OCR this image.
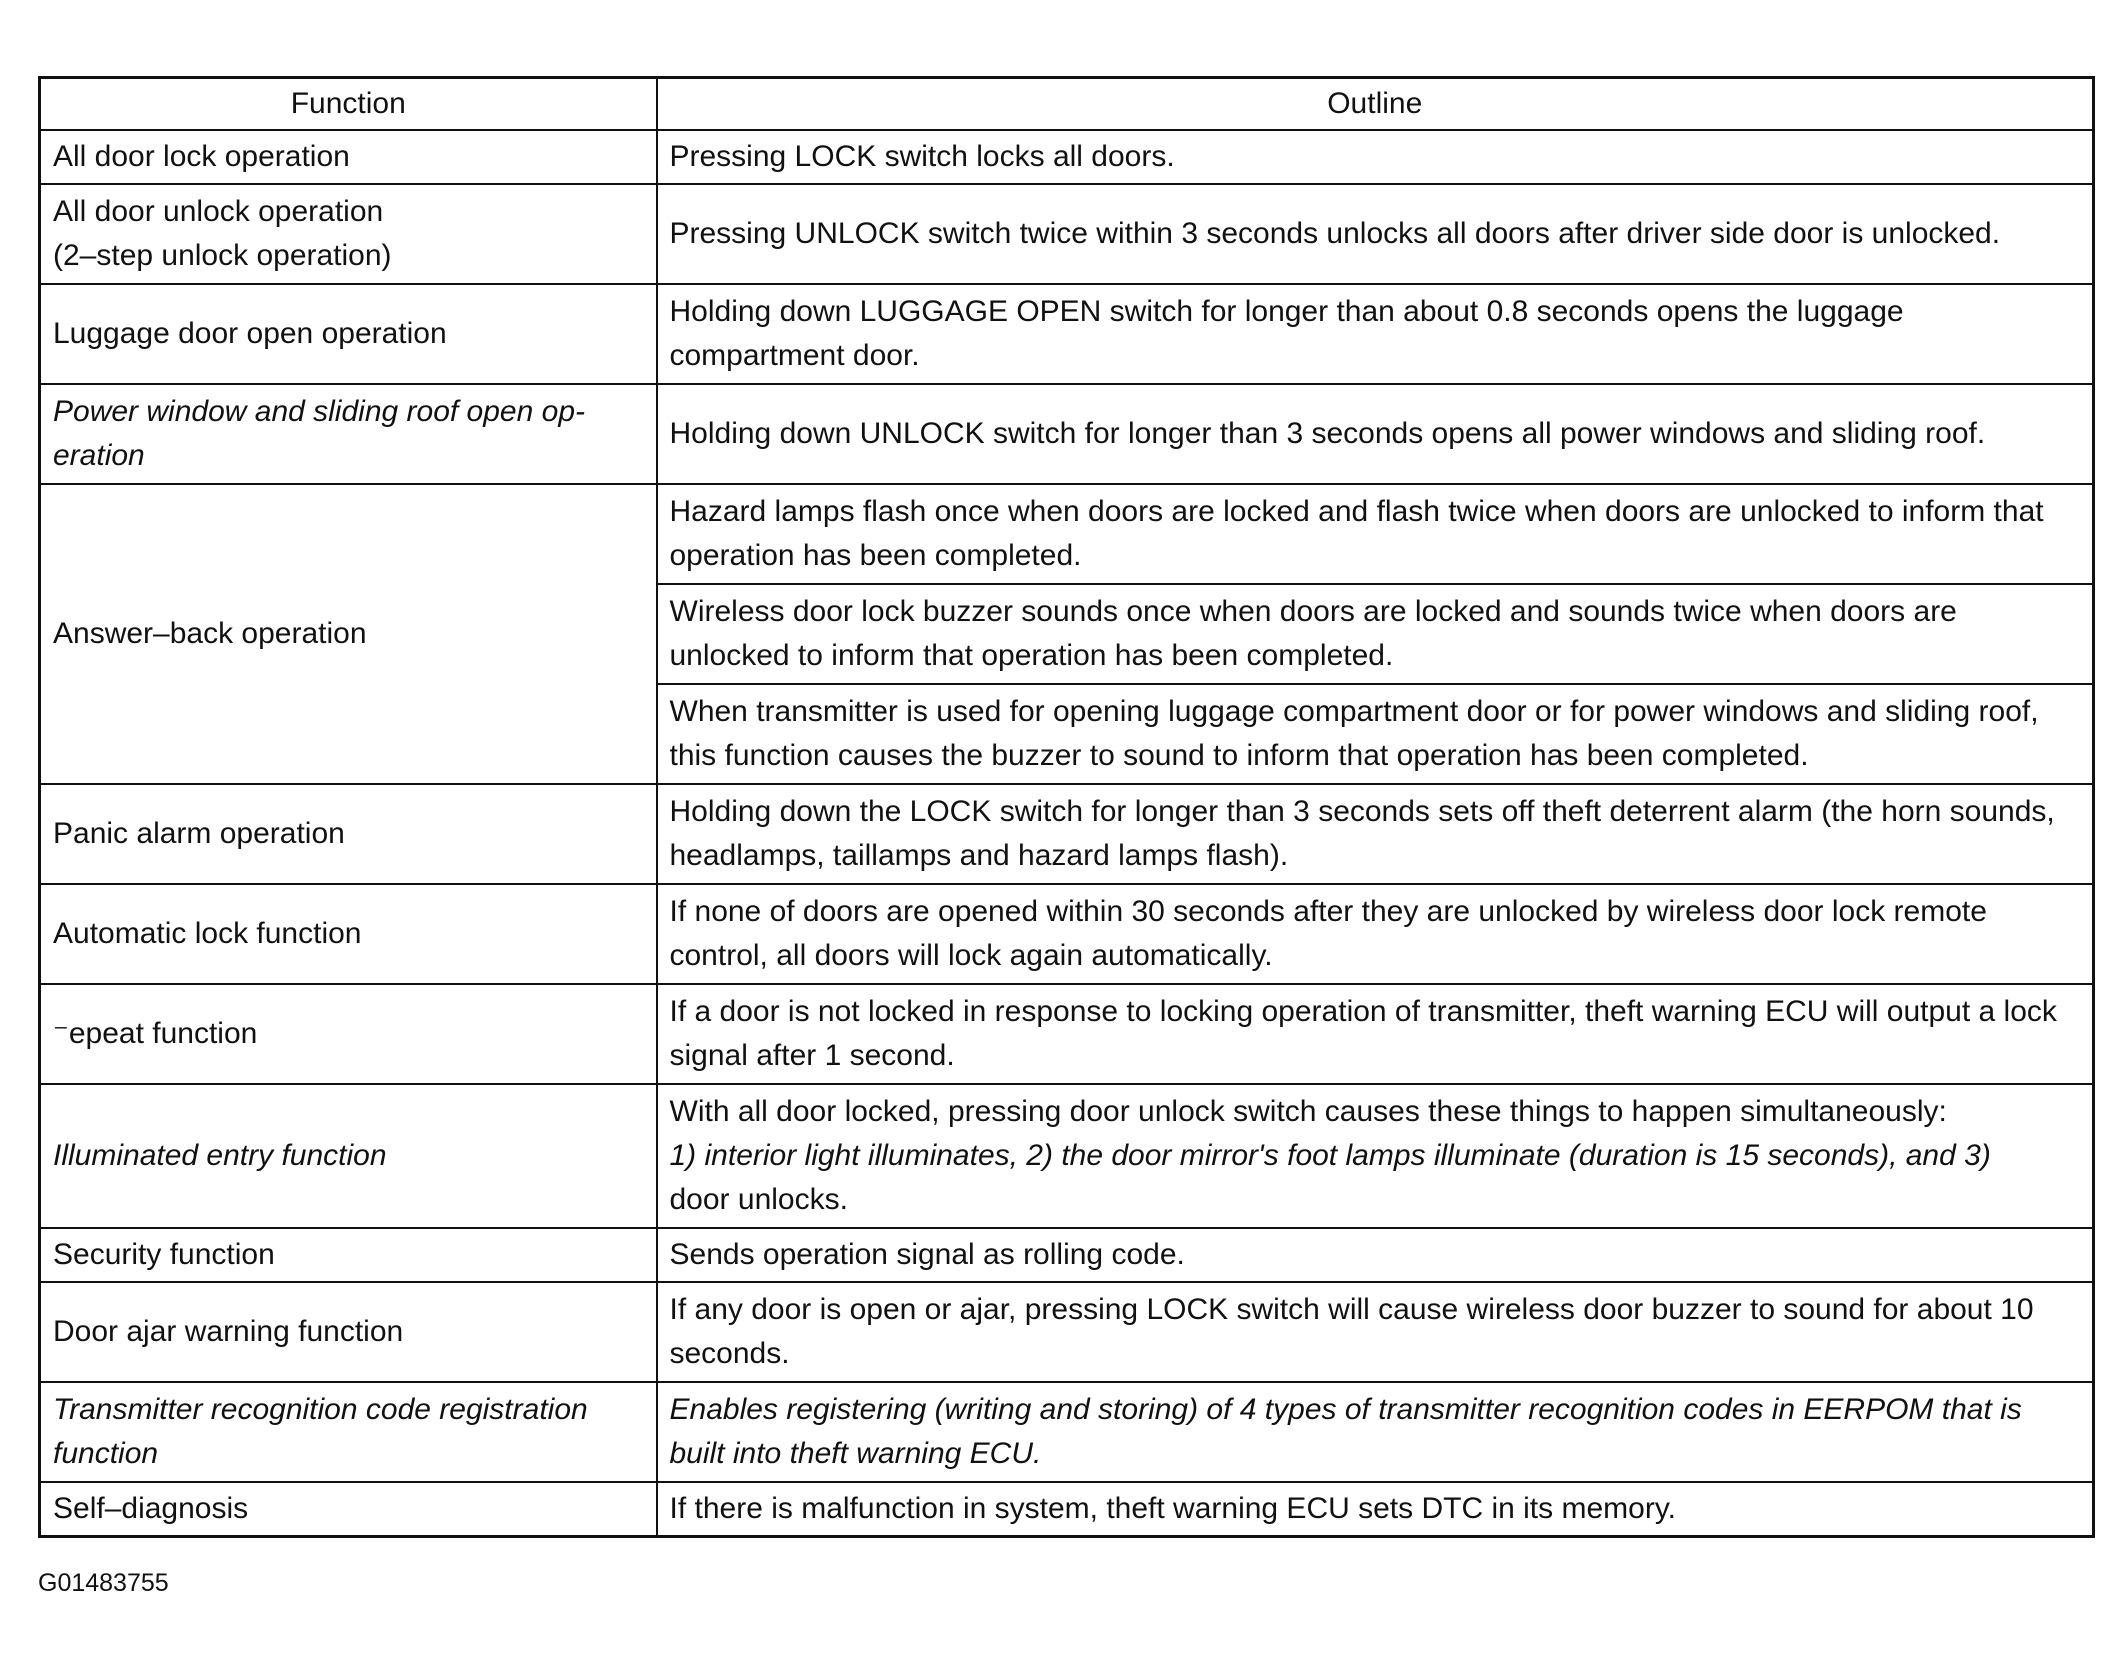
Function	Outline
All door lock operation	Pressing LOCK switch locks all doors.
All door unlock operation
(2–step unlock operation)	Pressing UNLOCK switch twice within 3 seconds unlocks all doors after driver side door is unlocked.
Luggage door open operation	Holding down LUGGAGE OPEN switch for longer than about 0.8 seconds opens the luggage compartment door.
Power window and sliding roof open op-
eration	Holding down UNLOCK switch for longer than 3 seconds opens all power windows and sliding roof.
Answer–back operation	Hazard lamps flash once when doors are locked and flash twice when doors are unlocked to inform that operation has been completed.
	Wireless door lock buzzer sounds once when doors are locked and sounds twice when doors are unlocked to inform that operation has been completed.
	When transmitter is used for opening luggage compartment door or for power windows and sliding roof, this function causes the buzzer to sound to inform that operation has been completed.
Panic alarm operation	Holding down the LOCK switch for longer than 3 seconds sets off theft deterrent alarm (the horn sounds, headlamps, taillamps and hazard lamps flash).
Automatic lock function	If none of doors are opened within 30 seconds after they are unlocked by wireless door lock remote control, all doors will lock again automatically.
⁻epeat function	If a door is not locked in response to locking operation of transmitter, theft warning ECU will output a lock signal after 1 second.
Illuminated entry function	With all door locked, pressing door unlock switch causes these things to happen simultaneously:
1) interior light illuminates, 2) the door mirror's foot lamps illuminate (duration is 15 seconds), and 3)
door unlocks.

Security function	Sends operation signal as rolling code.
Door ajar warning function	If any door is open or ajar, pressing LOCK switch will cause wireless door buzzer to sound for about 10 seconds.
Transmitter recognition code registration
function	Enables registering (writing and storing) of 4 types of transmitter recognition codes in EERPOM that is built into theft warning ECU.
Self–diagnosis	If there is malfunction in system, theft warning ECU sets DTC in its memory.
G01483755
